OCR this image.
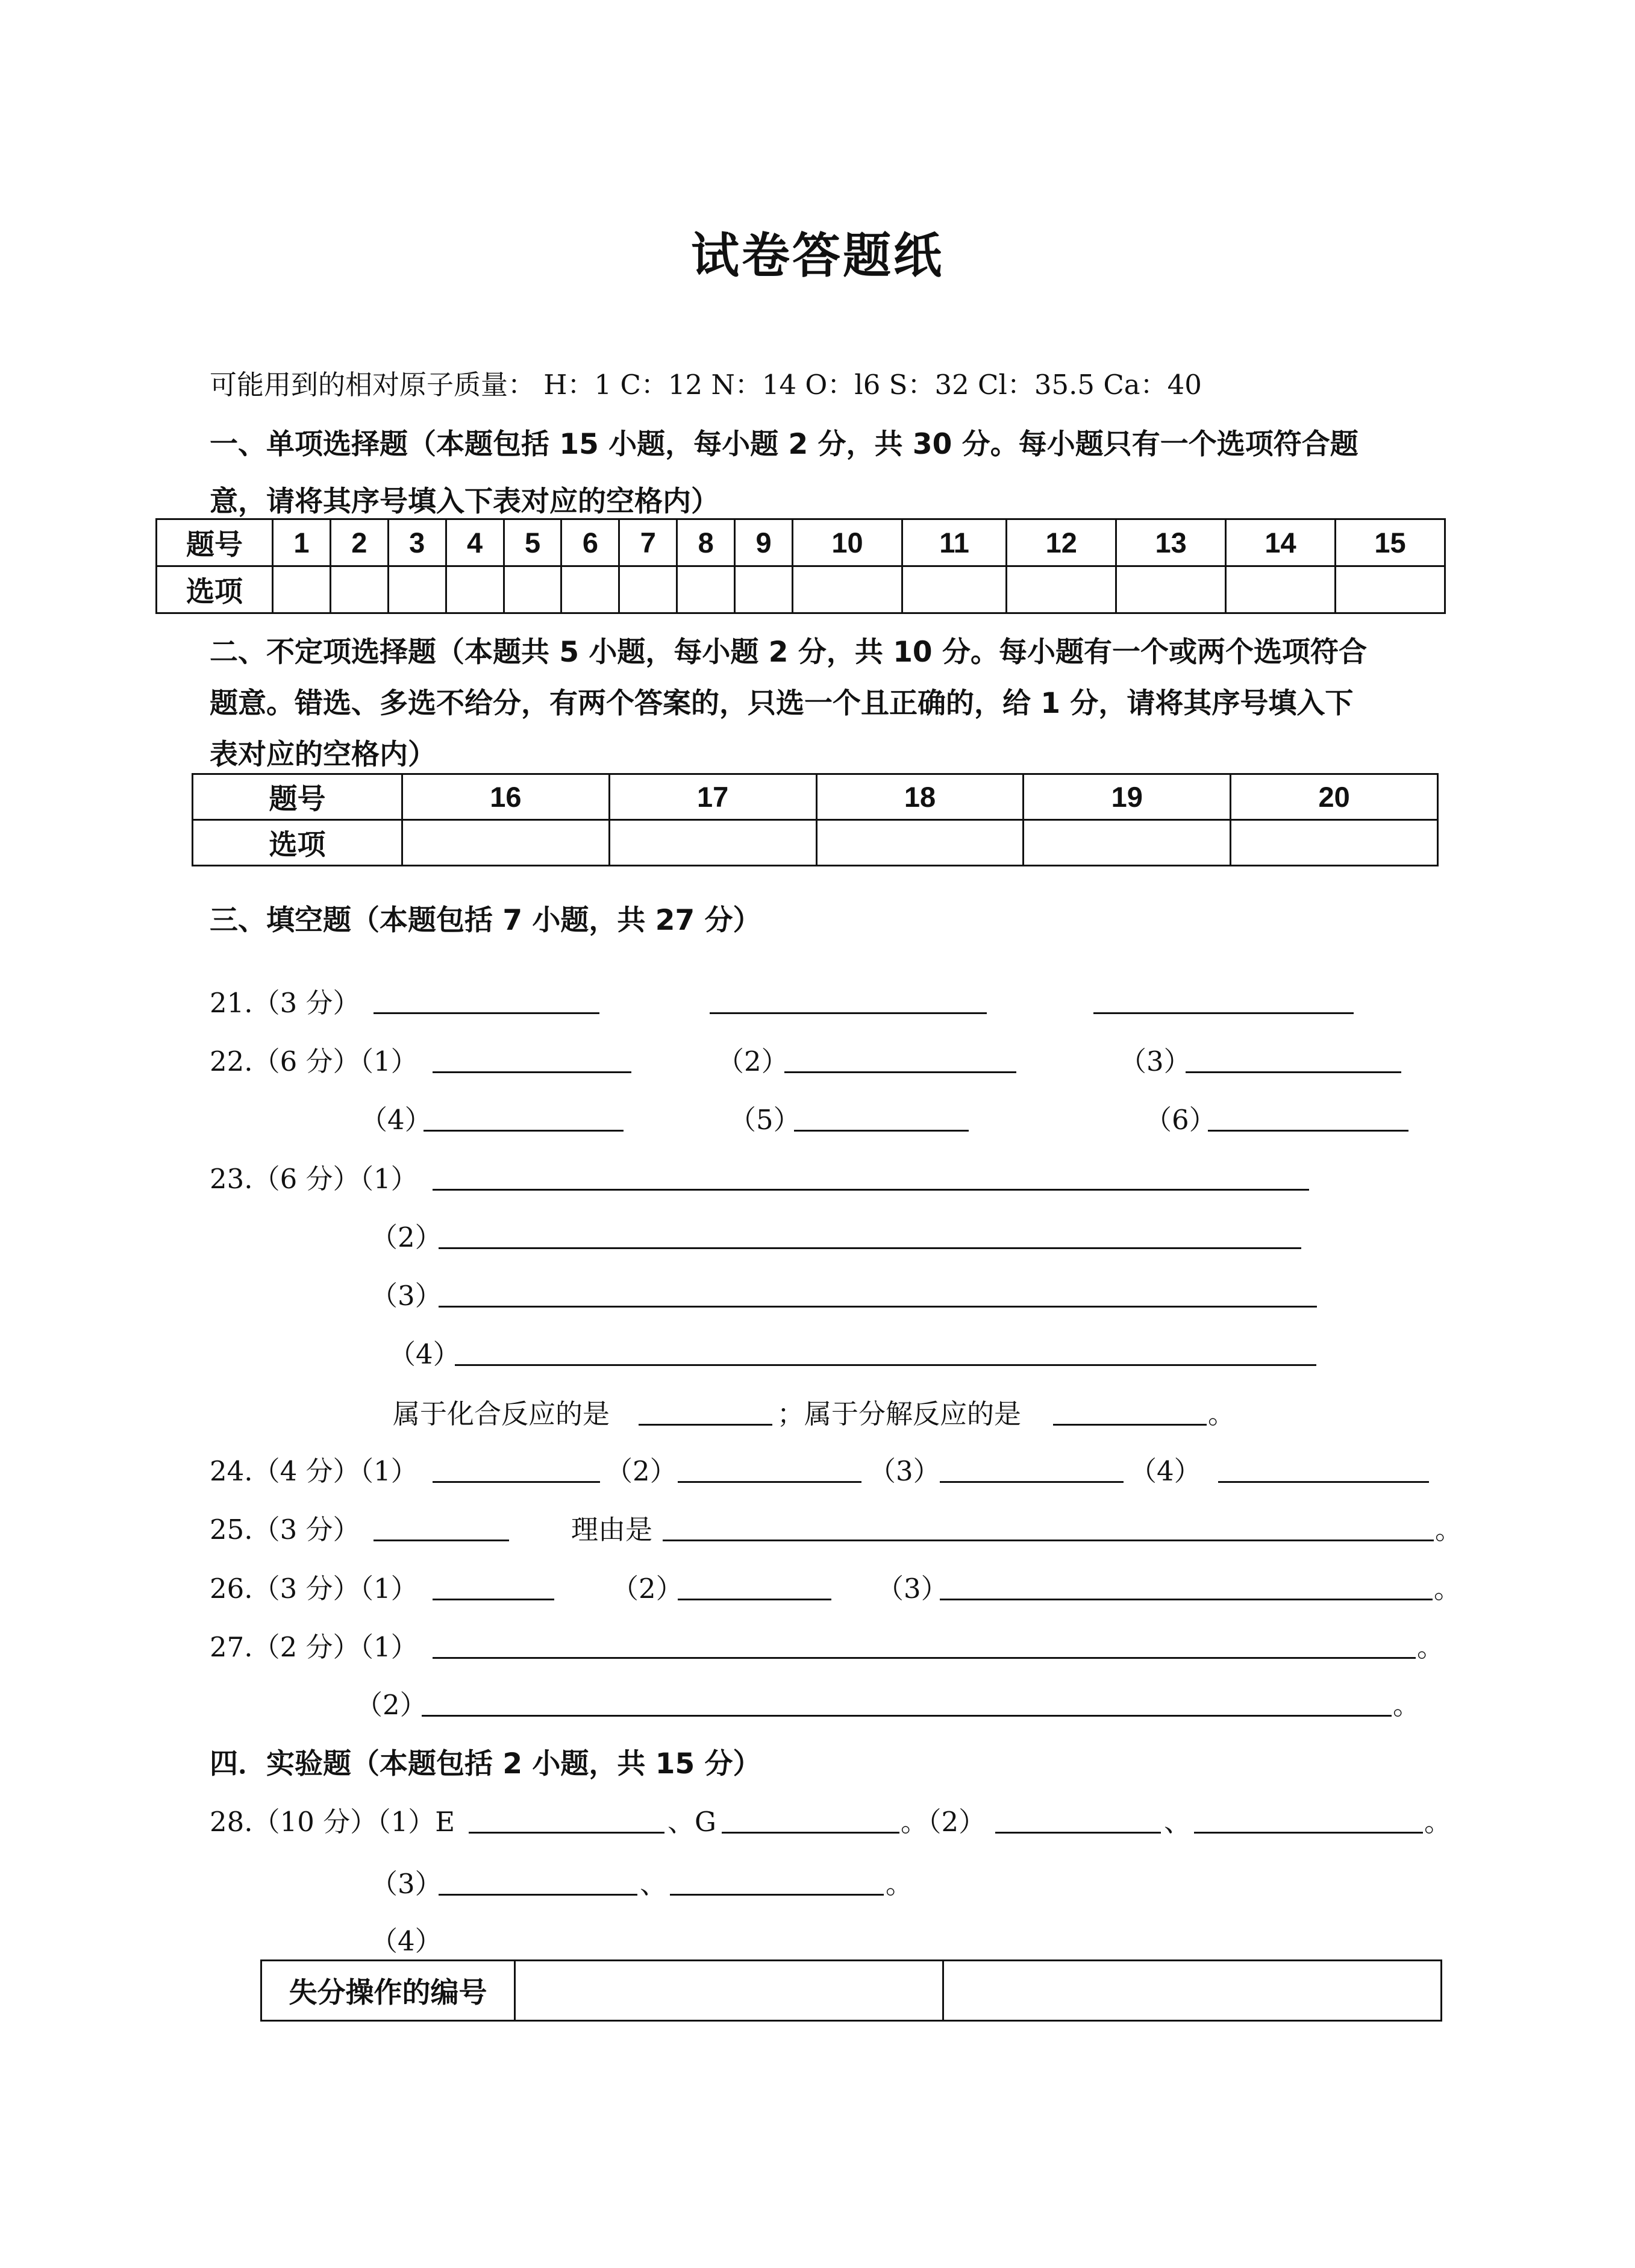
试卷答题纸
可能用到的相对原子质量： H：1 C：12 N：14 O：l6 S：32 Cl：35.5 Ca：40
一、单项选择题（本题包括 15 小题，每小题 2 分，共 30 分。每小题只有一个选项符合题
意，请将其序号填入下表对应的空格内）
题号	1	2	3	4	5	6	7	8	9	10	11	12	13	14	15
选项															
二、不定项选择题（本题共 5 小题，每小题 2 分，共 10 分。每小题有一个或两个选项符合
题意。错选、多选不给分，有两个答案的，只选一个且正确的，给 1 分，请将其序号填入下
表对应的空格内）
题号	16	17	18	19	20
选项					
三、填空题（本题包括 7 小题，共 27 分）
21.（3 分）
22.（6 分）（1）	（2）	（3）
（4）	（5）	（6）
23.（6 分）（1）
（2）
（3）
（4）
属于化合反应的是	；属于分解反应的是	。
24.（4 分）（1）	（2）	（3）	（4）
25.（3 分）	理由是	。
26.（3 分）（1）	（2）	（3）	。
27.（2 分）（1）	。
（2）	。
四．实验题（本题包括 2 小题，共 15 分）
28.（10 分）（1）E	、G	。（2）	、	。
（3）	、	。
（4）
失分操作的编号		
